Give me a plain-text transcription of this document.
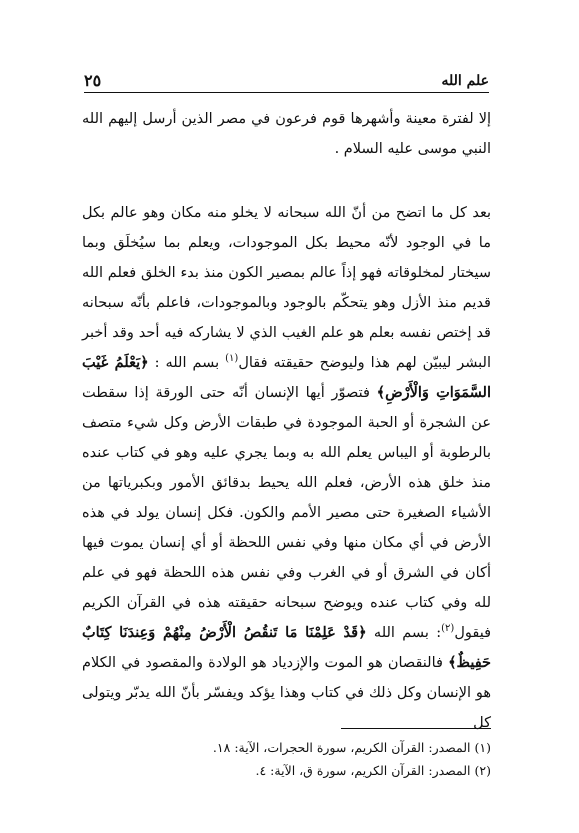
علم الله
٢٥

إلا لفترة معينة وأشهرها قوم فرعون في مصر الذين أرسل إليهم الله النبي موسى عليه السلام .

بعد كل ما اتضح من أنّ الله سبحانه لا يخلو منه مكان وهو عالم بكل ما في الوجود لأنّه محيط بكل الموجودات، ويعلم بما سيُخلَق وبما سيختار لمخلوقاته فهو إذاً عالم بمصير الكون منذ بدء الخلق فعلم الله قديم منذ الأزل وهو يتحكّم بالوجود وبالموجودات، فاعلم بأنّه سبحانه قد إختص نفسه بعلم هو علم الغيب الذي لا يشاركه فيه أحد وقد أخبر البشر ليبيّن لهم هذا وليوضح حقيقته فقال$^{(١)}$ بسم الله : ﴿يَعْلَمُ غَيْبَ السَّمَوَاتِ وَالْأَرْضِ﴾ فتصوّر أيها الإنسان أنّه حتى الورقة إذا سقطت عن الشجرة أو الحبة الموجودة في طبقات الأرض وكل شيء متصف بالرطوبة أو اليباس يعلم الله به وبما يجري عليه وهو في كتاب عنده منذ خلق هذه الأرض، فعلم الله يحيط بدقائق الأمور وبكبرياتها من الأشياء الصغيرة حتى مصير الأمم والكون. فكل إنسان يولد في هذه الأرض في أي مكان منها وفي نفس اللحظة أو أي إنسان يموت فيها أكان في الشرق أو في الغرب وفي نفس هذه اللحظة فهو في علم لله وفي كتاب عنده ويوضح سبحانه حقيقته هذه في القرآن الكريم فيقول$^{(٢)}$: بسم الله ﴿قَدْ عَلِمْنَا مَا تَنقُصُ الْأَرْضُ مِنْهُمْ وَعِندَنَا كِتَابٌ حَفِيظٌ﴾ فالنقصان هو الموت والإزدياد هو الولادة والمقصود في الكلام هو الإنسان وكل ذلك في كتاب وهذا يؤكد ويفسّر بأنّ الله يدبّر ويتولى كل

(١) المصدر: القرآن الكريم، سورة الحجرات، الآية: ١٨.
(٢) المصدر: القرآن الكريم، سورة ق، الآية: ٤.
